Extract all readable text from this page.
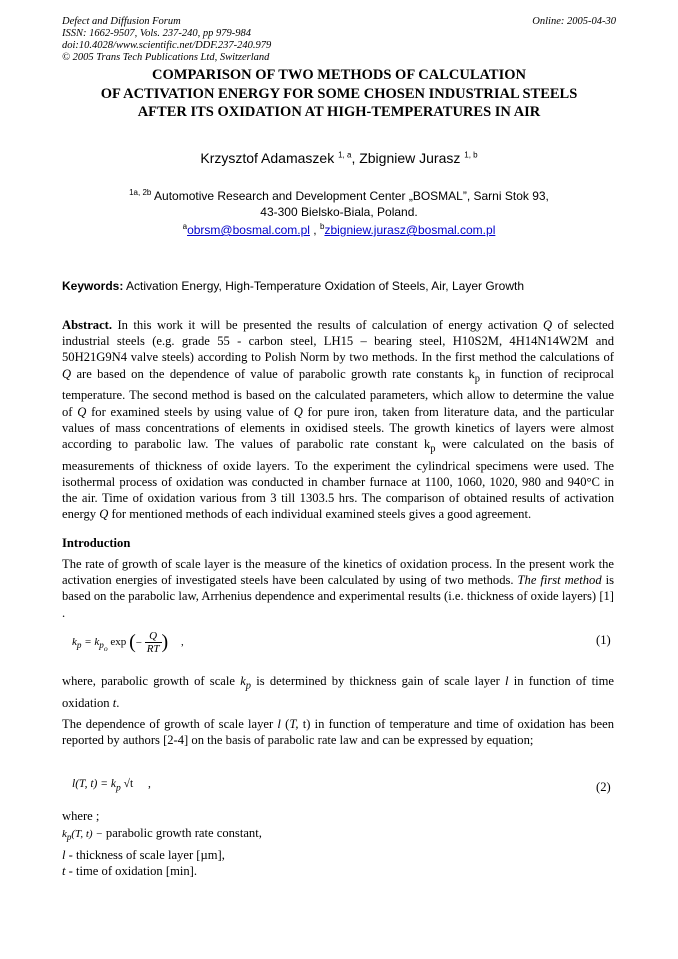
Defect and Diffusion Forum
ISSN: 1662-9507, Vols. 237-240, pp 979-984
doi:10.4028/www.scientific.net/DDF.237-240.979
© 2005 Trans Tech Publications Ltd, Switzerland
Online: 2005-04-30
COMPARISON OF TWO METHODS OF CALCULATION
OF ACTIVATION ENERGY FOR SOME CHOSEN INDUSTRIAL STEELS
AFTER ITS OXIDATION AT HIGH-TEMPERATURES IN AIR
Krzysztof Adamaszek $^{1, a}$, Zbigniew Jurasz $^{1, b}$
$^{1a, 2b}$ Automotive Research and Development Center „BOSMAL”, Sarni Stok 93,
43-300 Bielsko-Biala, Poland.
$^a$obrsm@bosmal.com.pl , $^b$zbigniew.jurasz@bosmal.com.pl
Keywords: Activation Energy, High-Temperature Oxidation of Steels, Air, Layer Growth
Abstract. In this work it will be presented the results of calculation of energy activation Q of selected industrial steels (e.g. grade 55 - carbon steel, LH15 – bearing steel, H10S2M, 4H14N14W2M and 50H21G9N4 valve steels) according to Polish Norm by two methods. In the first method the calculations of Q are based on the dependence of value of parabolic growth rate constants $k_p$ in function of reciprocal temperature. The second method is based on the calculated parameters, which allow to determine the value of Q for examined steels by using value of Q for pure iron, taken from literature data, and the particular values of mass concentrations of elements in oxidised steels. The growth kinetics of layers were almost according to parabolic law. The values of parabolic rate constant $k_p$ were calculated on the basis of measurements of thickness of oxide layers. To the experiment the cylindrical specimens were used. The isothermal process of oxidation was conducted in chamber furnace at 1100, 1060, 1020, 980 and 940°C in the air. Time of oxidation various from 3 till 1303.5 hrs. The comparison of obtained results of activation energy Q for mentioned methods of each individual examined steels gives a good agreement.
Introduction
The rate of growth of scale layer is the measure of the kinetics of oxidation process. In the present work the activation energies of investigated steels have been calculated by using of two methods. The first method is based on the parabolic law, Arrhenius dependence and experimental results (i.e. thickness of oxide layers) [1] .
$k_p = k_{p_o}$ exp (− $\frac{Q}{RT}$ ) ,	(1)
where, parabolic growth of scale $k_p$ is determined by thickness gain of scale layer l in function of time oxidation t.
The dependence of growth of scale layer l (T, t) in function of temperature and time of oxidation has been reported by authors [2-4] on the basis of parabolic rate law and can be expressed by equation;
l(T, $t) = k_p$ √t ,	(2)
where ;
$k_p(T$, t) − parabolic growth rate constant,
l - thickness of scale layer [µm],
t - time of oxidation [min].
